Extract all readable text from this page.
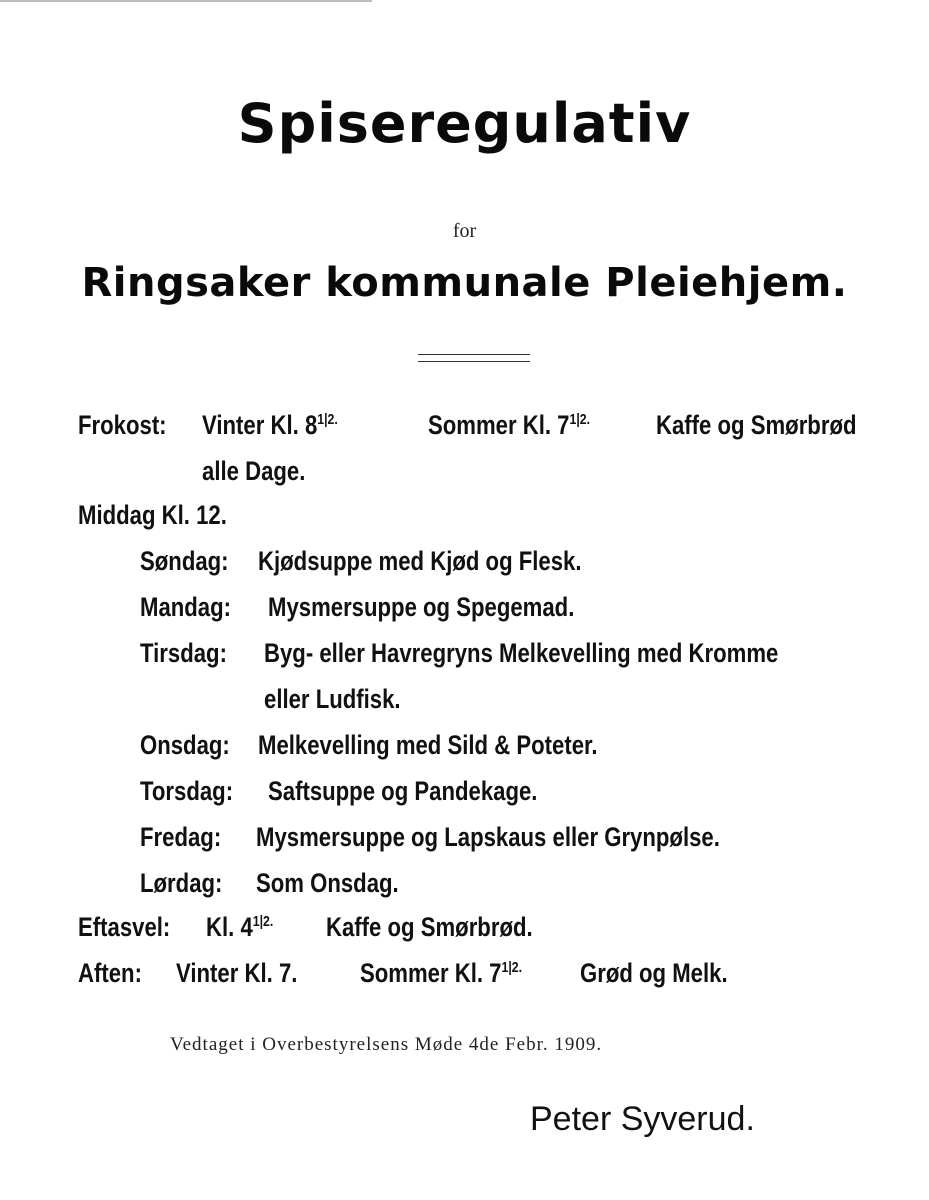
Spiseregulativ
for
Ringsaker kommunale Pleiehjem.
Frokost: Vinter Kl. $8^{1|2.}$	Sommer Kl. $7^{1|2.}$ Kaffe og Smørbrød
alle Dage.
Middag Kl. 12.
Søndag: Kjødsuppe med Kjød og Flesk.
Mandag: Mysmersuppe og Spegemad.
Tirsdag: Byg- eller Havregryns Melkevelling med Kromme
eller Ludfisk.
Onsdag: Melkevelling med Sild & Poteter.
Torsdag: Saftsuppe og Pandekage.
Fredag: Mysmersuppe og Lapskaus eller Grynpølse.
Lørdag: Som Onsdag.
Eftasvel: Kl. $4^{1|2.}$ Kaffe og Smørbrød.
Aften: Vinter Kl. 7. Sommer Kl. $7^{1|2.}$ Grød og Melk.
Vedtaget i Overbestyrelsens Møde 4de Febr. 1909.
Peter Syverud.
